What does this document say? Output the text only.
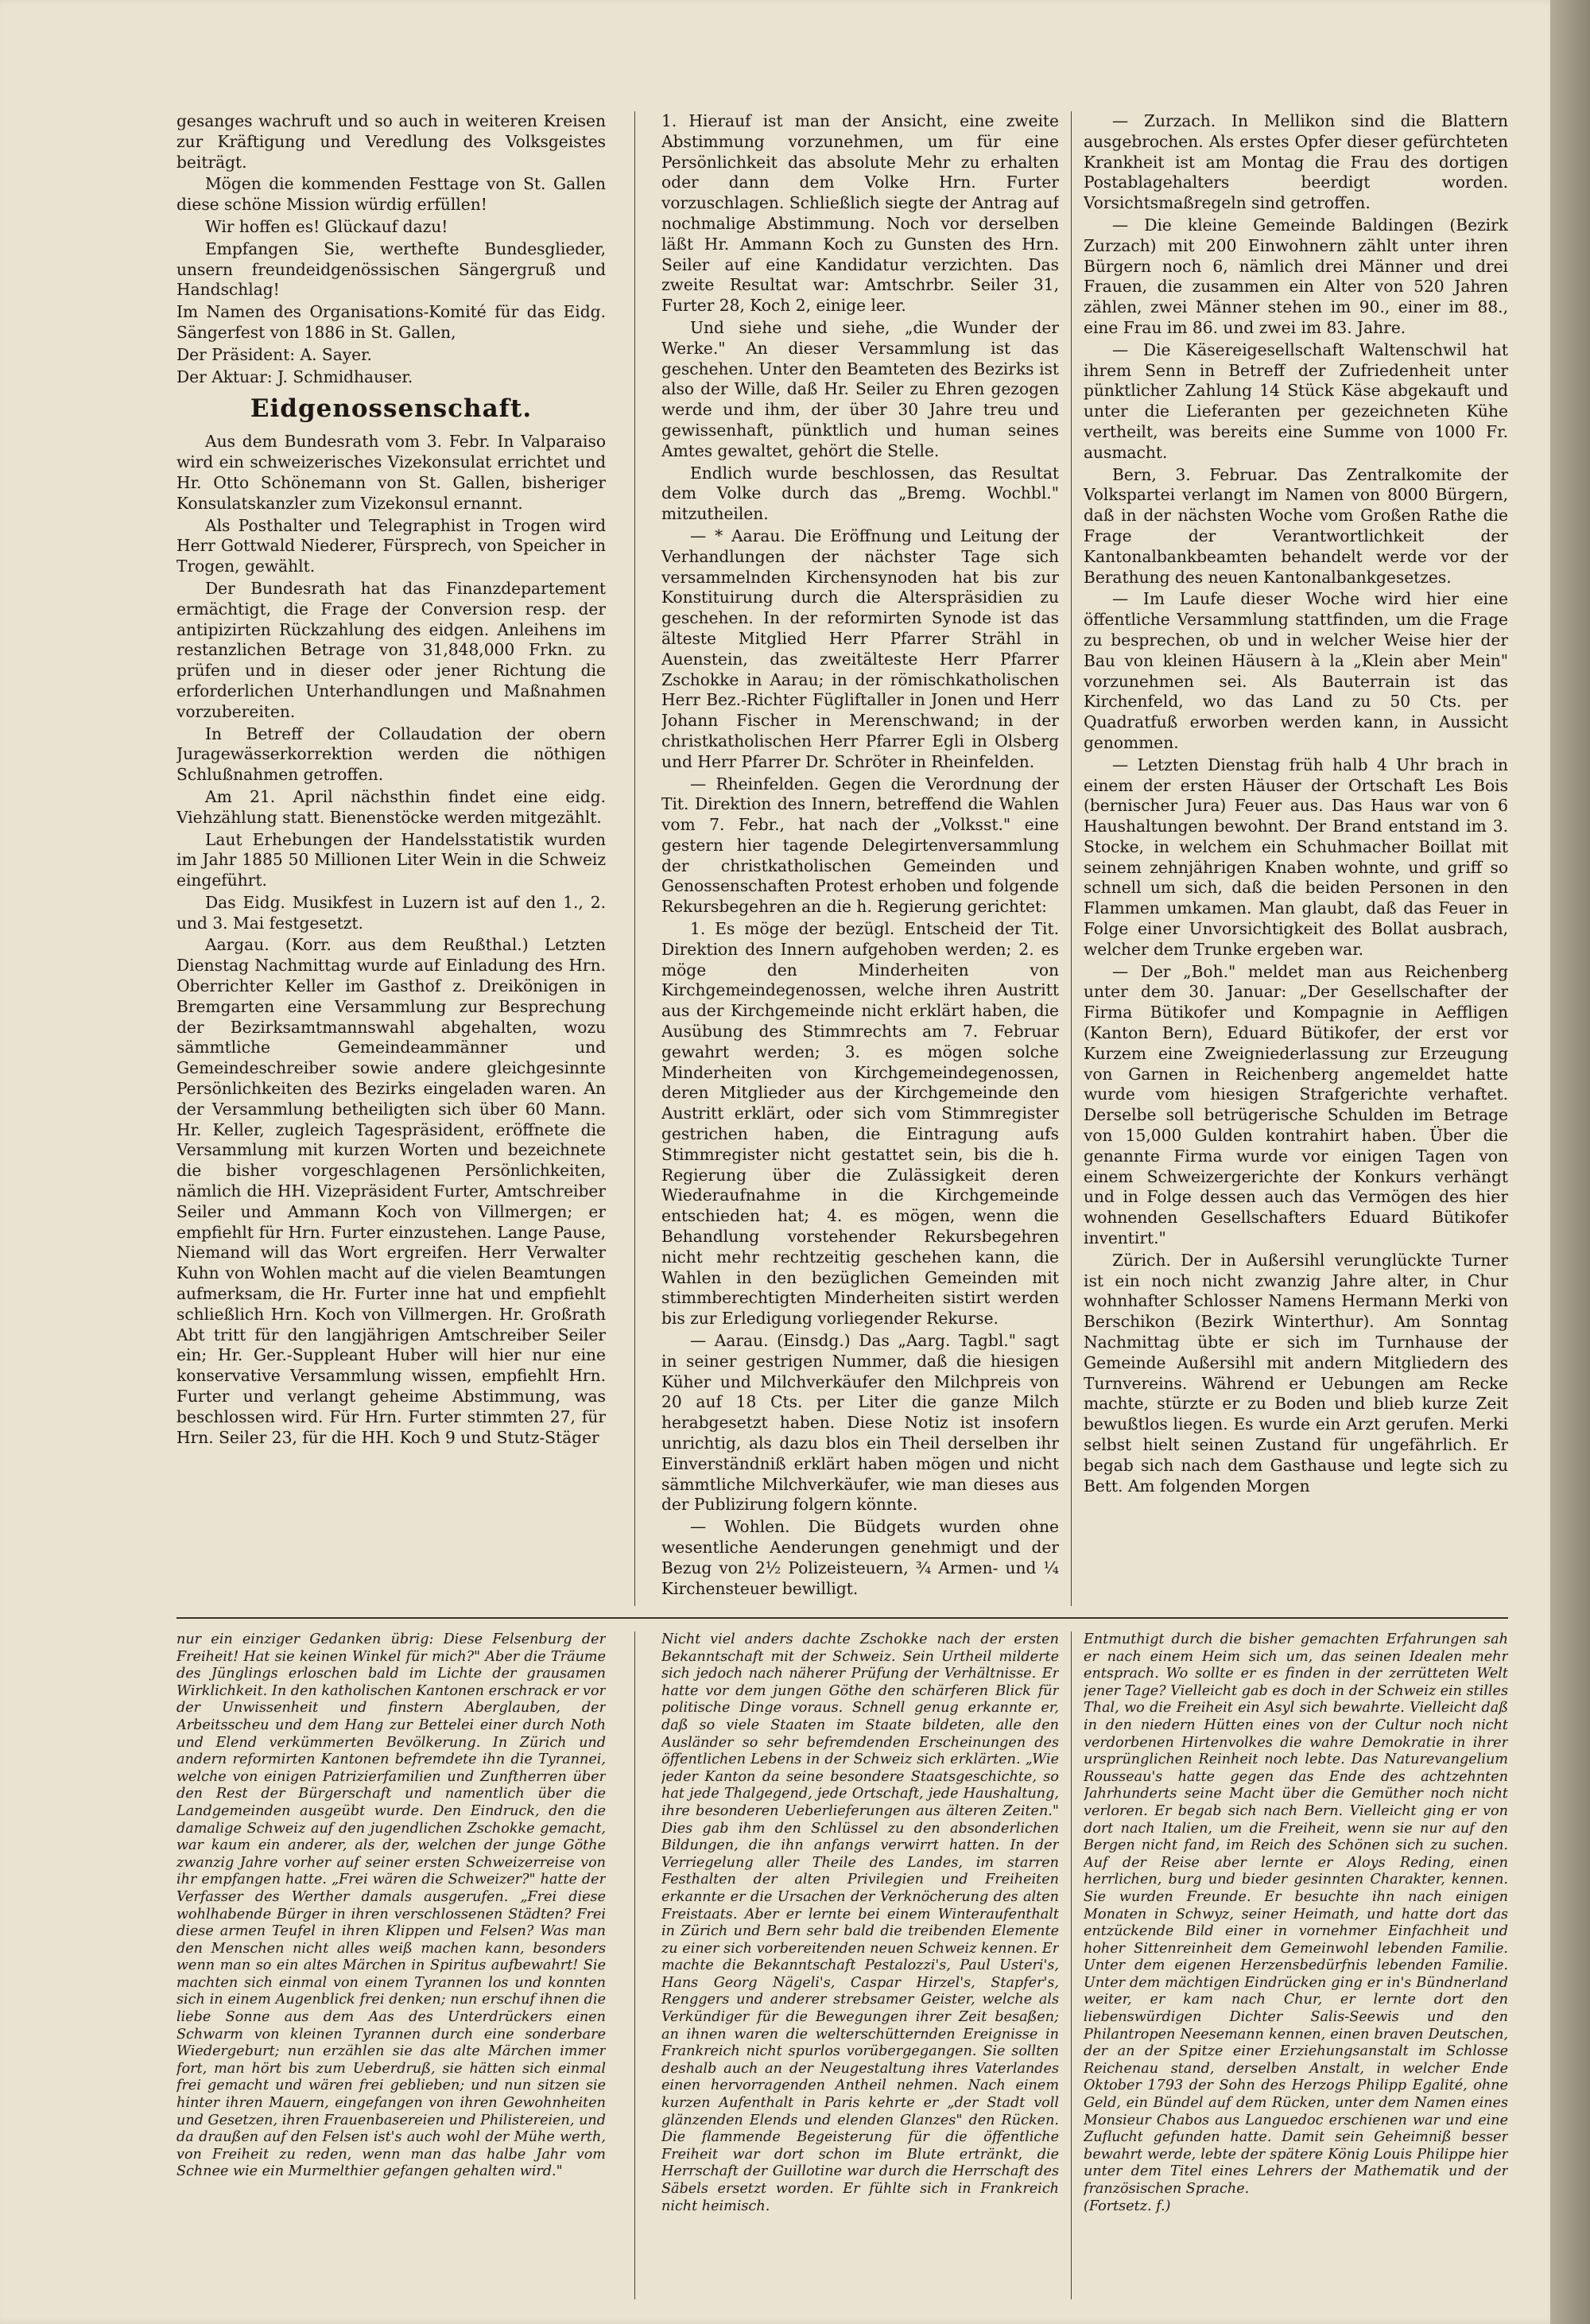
gesanges wachruft und so auch in weiteren Kreisen zur Kräftigung und Veredlung des Volksgeistes beiträgt.

Mögen die kommenden Festtage von St. Gallen diese schöne Mission würdig erfüllen!

Wir hoffen es! Glückauf dazu!

Empfangen Sie, werthefte Bundesglieder, unsern freundeidgenössischen Sängergruß und Handschlag!

Im Namen des Organisations-Komité für das Eidg. Sängerfest von 1886 in St. Gallen,

Der Präsident: A. Sayer.

Der Aktuar: J. Schmidhauser.

Eidgenossenschaft.

Aus dem Bundesrath vom 3. Febr. In Valparaiso wird ein schweizerisches Vizekonsulat errichtet und Hr. Otto Schönemann von St. Gallen, bisheriger Konsulatskanzler zum Vizekonsul ernannt.

Als Posthalter und Telegraphist in Trogen wird Herr Gottwald Niederer, Fürsprech, von Speicher in Trogen, gewählt.

Der Bundesrath hat das Finanzdepartement ermächtigt, die Frage der Conversion resp. der antipizirten Rückzahlung des eidgen. Anleihens im restanzlichen Betrage von 31,848,000 Frkn. zu prüfen und in dieser oder jener Richtung die erforderlichen Unterhandlungen und Maßnahmen vorzubereiten.

In Betreff der Collaudation der obern Juragewässerkorrektion werden die nöthigen Schlußnahmen getroffen.

Am 21. April nächsthin findet eine eidg. Viehzählung statt. Bienenstöcke werden mitgezählt.

Laut Erhebungen der Handelsstatistik wurden im Jahr 1885 50 Millionen Liter Wein in die Schweiz eingeführt.

Das Eidg. Musikfest in Luzern ist auf den 1., 2. und 3. Mai festgesetzt.

Aargau. (Korr. aus dem Reußthal.) Letzten Dienstag Nachmittag wurde auf Einladung des Hrn. Oberrichter Keller im Gasthof z. Dreikönigen in Bremgarten eine Versammlung zur Besprechung der Bezirksamtmannswahl abgehalten, wozu sämmtliche Gemeindeammänner und Gemeindeschreiber sowie andere gleichgesinnte Persönlichkeiten des Bezirks eingeladen waren. An der Versammlung betheiligten sich über 60 Mann. Hr. Keller, zugleich Tagespräsident, eröffnete die Versammlung mit kurzen Worten und bezeichnete die bisher vorgeschlagenen Persönlichkeiten, nämlich die HH. Vizepräsident Furter, Amtschreiber Seiler und Ammann Koch von Villmergen; er empfiehlt für Hrn. Furter einzustehen. Lange Pause, Niemand will das Wort ergreifen. Herr Verwalter Kuhn von Wohlen macht auf die vielen Beamtungen aufmerksam, die Hr. Furter inne hat und empfiehlt schließlich Hrn. Koch von Villmergen. Hr. Großrath Abt tritt für den langjährigen Amtschreiber Seiler ein; Hr. Ger.-Suppleant Huber will hier nur eine konservative Versammlung wissen, empfiehlt Hrn. Furter und verlangt geheime Abstimmung, was beschlossen wird. Für Hrn. Furter stimmten 27, für Hrn. Seiler 23, für die HH. Koch 9 und Stutz-Stäger

1. Hierauf ist man der Ansicht, eine zweite Abstimmung vorzunehmen, um für eine Persönlichkeit das absolute Mehr zu erhalten oder dann dem Volke Hrn. Furter vorzuschlagen. Schließlich siegte der Antrag auf nochmalige Abstimmung. Noch vor derselben läßt Hr. Ammann Koch zu Gunsten des Hrn. Seiler auf eine Kandidatur verzichten. Das zweite Resultat war: Amtschrbr. Seiler 31, Furter 28, Koch 2, einige leer.

Und siehe und siehe, „die Wunder der Werke." An dieser Versammlung ist das geschehen. Unter den Beamteten des Bezirks ist also der Wille, daß Hr. Seiler zu Ehren gezogen werde und ihm, der über 30 Jahre treu und gewissenhaft, pünktlich und human seines Amtes gewaltet, gehört die Stelle.

Endlich wurde beschlossen, das Resultat dem Volke durch das „Bremg. Wochbl." mitzutheilen.

— * Aarau. Die Eröffnung und Leitung der Verhandlungen der nächster Tage sich versammelnden Kirchensynoden hat bis zur Konstituirung durch die Alterspräsidien zu geschehen. In der reformirten Synode ist das älteste Mitglied Herr Pfarrer Strähl in Auenstein, das zweitälteste Herr Pfarrer Zschokke in Aarau; in der römischkatholischen Herr Bez.-Richter Fügliftaller in Jonen und Herr Johann Fischer in Merenschwand; in der christkatholischen Herr Pfarrer Egli in Olsberg und Herr Pfarrer Dr. Schröter in Rheinfelden.

— Rheinfelden. Gegen die Verordnung der Tit. Direktion des Innern, betreffend die Wahlen vom 7. Febr., hat nach der „Volksst." eine gestern hier tagende Delegirtenversammlung der christkatholischen Gemeinden und Genossenschaften Protest erhoben und folgende Rekursbegehren an die h. Regierung gerichtet:

1. Es möge der bezügl. Entscheid der Tit. Direktion des Innern aufgehoben werden; 2. es möge den Minderheiten von Kirchgemeindegenossen, welche ihren Austritt aus der Kirchgemeinde nicht erklärt haben, die Ausübung des Stimmrechts am 7. Februar gewahrt werden; 3. es mögen solche Minderheiten von Kirchgemeindegenossen, deren Mitglieder aus der Kirchgemeinde den Austritt erklärt, oder sich vom Stimmregister gestrichen haben, die Eintragung aufs Stimmregister nicht gestattet sein, bis die h. Regierung über die Zulässigkeit deren Wiederaufnahme in die Kirchgemeinde entschieden hat; 4. es mögen, wenn die Behandlung vorstehender Rekursbegehren nicht mehr rechtzeitig geschehen kann, die Wahlen in den bezüglichen Gemeinden mit stimmberechtigten Minderheiten sistirt werden bis zur Erledigung vorliegender Rekurse.

— Aarau. (Einsdg.) Das „Aarg. Tagbl." sagt in seiner gestrigen Nummer, daß die hiesigen Küher und Milchverkäufer den Milchpreis von 20 auf 18 Cts. per Liter die ganze Milch herabgesetzt haben. Diese Notiz ist insofern unrichtig, als dazu blos ein Theil derselben ihr Einverständniß erklärt haben mögen und nicht sämmtliche Milchverkäufer, wie man dieses aus der Publizirung folgern könnte.

— Wohlen. Die Büdgets wurden ohne wesentliche Aenderungen genehmigt und der Bezug von 2½ Polizeisteuern, ¾ Armen- und ¼ Kirchensteuer bewilligt.

— Zurzach. In Mellikon sind die Blattern ausgebrochen. Als erstes Opfer dieser gefürchteten Krankheit ist am Montag die Frau des dortigen Postablagehalters beerdigt worden. Vorsichtsmaßregeln sind getroffen.

— Die kleine Gemeinde Baldingen (Bezirk Zurzach) mit 200 Einwohnern zählt unter ihren Bürgern noch 6, nämlich drei Männer und drei Frauen, die zusammen ein Alter von 520 Jahren zählen, zwei Männer stehen im 90., einer im 88., eine Frau im 86. und zwei im 83. Jahre.

— Die Käsereigesellschaft Waltenschwil hat ihrem Senn in Betreff der Zufriedenheit unter pünktlicher Zahlung 14 Stück Käse abgekauft und unter die Lieferanten per gezeichneten Kühe vertheilt, was bereits eine Summe von 1000 Fr. ausmacht.

Bern, 3. Februar. Das Zentralkomite der Volkspartei verlangt im Namen von 8000 Bürgern, daß in der nächsten Woche vom Großen Rathe die Frage der Verantwortlichkeit der Kantonalbankbeamten behandelt werde vor der Berathung des neuen Kantonalbankgesetzes.

— Im Laufe dieser Woche wird hier eine öffentliche Versammlung stattfinden, um die Frage zu besprechen, ob und in welcher Weise hier der Bau von kleinen Häusern à la „Klein aber Mein" vorzunehmen sei. Als Bauterrain ist das Kirchenfeld, wo das Land zu 50 Cts. per Quadratfuß erworben werden kann, in Aussicht genommen.

— Letzten Dienstag früh halb 4 Uhr brach in einem der ersten Häuser der Ortschaft Les Bois (bernischer Jura) Feuer aus. Das Haus war von 6 Haushaltungen bewohnt. Der Brand entstand im 3. Stocke, in welchem ein Schuhmacher Boillat mit seinem zehnjährigen Knaben wohnte, und griff so schnell um sich, daß die beiden Personen in den Flammen umkamen. Man glaubt, daß das Feuer in Folge einer Unvorsichtigkeit des Bollat ausbrach, welcher dem Trunke ergeben war.

— Der „Boh." meldet man aus Reichenberg unter dem 30. Januar: „Der Gesellschafter der Firma Bütikofer und Kompagnie in Aeffligen (Kanton Bern), Eduard Bütikofer, der erst vor Kurzem eine Zweigniederlassung zur Erzeugung von Garnen in Reichenberg angemeldet hatte wurde vom hiesigen Strafgerichte verhaftet. Derselbe soll betrügerische Schulden im Betrage von 15,000 Gulden kontrahirt haben. Über die genannte Firma wurde vor einigen Tagen von einem Schweizergerichte der Konkurs verhängt und in Folge dessen auch das Vermögen des hier wohnenden Gesellschafters Eduard Bütikofer inventirt."

Zürich. Der in Außersihl verunglückte Turner ist ein noch nicht zwanzig Jahre alter, in Chur wohnhafter Schlosser Namens Hermann Merki von Berschikon (Bezirk Winterthur). Am Sonntag Nachmittag übte er sich im Turnhause der Gemeinde Außersihl mit andern Mitgliedern des Turnvereins. Während er Uebungen am Recke machte, stürzte er zu Boden und blieb kurze Zeit bewußtlos liegen. Es wurde ein Arzt gerufen. Merki selbst hielt seinen Zustand für ungefährlich. Er begab sich nach dem Gasthause und legte sich zu Bett. Am folgenden Morgen

nur ein einziger Gedanken übrig: Diese Felsenburg der Freiheit! Hat sie keinen Winkel für mich?" Aber die Träume des Jünglings erloschen bald im Lichte der grausamen Wirklichkeit. In den katholischen Kantonen erschrack er vor der Unwissenheit und finstern Aberglauben, der Arbeitsscheu und dem Hang zur Bettelei einer durch Noth und Elend verkümmerten Bevölkerung. In Zürich und andern reformirten Kantonen befremdete ihn die Tyrannei, welche von einigen Patrizierfamilien und Zunftherren über den Rest der Bürgerschaft und namentlich über die Landgemeinden ausgeübt wurde. Den Eindruck, den die damalige Schweiz auf den jugendlichen Zschokke gemacht, war kaum ein anderer, als der, welchen der junge Göthe zwanzig Jahre vorher auf seiner ersten Schweizerreise von ihr empfangen hatte. „Frei wären die Schweizer?" hatte der Verfasser des Werther damals ausgerufen. „Frei diese wohlhabende Bürger in ihren verschlossenen Städten? Frei diese armen Teufel in ihren Klippen und Felsen? Was man den Menschen nicht alles weiß machen kann, besonders wenn man so ein altes Märchen in Spiritus aufbewahrt! Sie machten sich einmal von einem Tyrannen los und konnten sich in einem Augenblick frei denken; nun erschuf ihnen die liebe Sonne aus dem Aas des Unterdrückers einen Schwarm von kleinen Tyrannen durch eine sonderbare Wiedergeburt; nun erzählen sie das alte Märchen immer fort, man hört bis zum Ueberdruß, sie hätten sich einmal frei gemacht und wären frei geblieben; und nun sitzen sie hinter ihren Mauern, eingefangen von ihren Gewohnheiten und Gesetzen, ihren Frauenbasereien und Philistereien, und da draußen auf den Felsen ist's auch wohl der Mühe werth, von Freiheit zu reden, wenn man das halbe Jahr vom Schnee wie ein Murmelthier gefangen gehalten wird."

Nicht viel anders dachte Zschokke nach der ersten Bekanntschaft mit der Schweiz. Sein Urtheil milderte sich jedoch nach näherer Prüfung der Verhältnisse. Er hatte vor dem jungen Göthe den schärferen Blick für politische Dinge voraus. Schnell genug erkannte er, daß so viele Staaten im Staate bildeten, alle den Ausländer so sehr befremdenden Erscheinungen des öffentlichen Lebens in der Schweiz sich erklärten. „Wie jeder Kanton da seine besondere Staatsgeschichte, so hat jede Thalgegend, jede Ortschaft, jede Haushaltung, ihre besonderen Ueberlieferungen aus älteren Zeiten." Dies gab ihm den Schlüssel zu den absonderlichen Bildungen, die ihn anfangs verwirrt hatten. In der Verriegelung aller Theile des Landes, im starren Festhalten der alten Privilegien und Freiheiten erkannte er die Ursachen der Verknöcherung des alten Freistaats. Aber er lernte bei einem Winteraufenthalt in Zürich und Bern sehr bald die treibenden Elemente zu einer sich vorbereitenden neuen Schweiz kennen. Er machte die Bekanntschaft Pestalozzi's, Paul Usteri's, Hans Georg Nägeli's, Caspar Hirzel's, Stapfer's, Renggers und anderer strebsamer Geister, welche als Verkündiger für die Bewegungen ihrer Zeit besaßen; an ihnen waren die welterschütternden Ereignisse in Frankreich nicht spurlos vorübergegangen. Sie sollten deshalb auch an der Neugestaltung ihres Vaterlandes einen hervorragenden Antheil nehmen. Nach einem kurzen Aufenthalt in Paris kehrte er „der Stadt voll glänzenden Elends und elenden Glanzes" den Rücken. Die flammende Begeisterung für die öffentliche Freiheit war dort schon im Blute ertränkt, die Herrschaft der Guillotine war durch die Herrschaft des Säbels ersetzt worden. Er fühlte sich in Frankreich nicht heimisch.

Entmuthigt durch die bisher gemachten Erfahrungen sah er nach einem Heim sich um, das seinen Idealen mehr entsprach. Wo sollte er es finden in der zerrütteten Welt jener Tage? Vielleicht gab es doch in der Schweiz ein stilles Thal, wo die Freiheit ein Asyl sich bewahrte. Vielleicht daß in den niedern Hütten eines von der Cultur noch nicht verdorbenen Hirtenvolkes die wahre Demokratie in ihrer ursprünglichen Reinheit noch lebte. Das Naturevangelium Rousseau's hatte gegen das Ende des achtzehnten Jahrhunderts seine Macht über die Gemüther noch nicht verloren. Er begab sich nach Bern. Vielleicht ging er von dort nach Italien, um die Freiheit, wenn sie nur auf den Bergen nicht fand, im Reich des Schönen sich zu suchen. Auf der Reise aber lernte er Aloys Reding, einen herrlichen, burg und bieder gesinnten Charakter, kennen. Sie wurden Freunde. Er besuchte ihn nach einigen Monaten in Schwyz, seiner Heimath, und hatte dort das entzückende Bild einer in vornehmer Einfachheit und hoher Sittenreinheit dem Gemeinwohl lebenden Familie. Unter dem eigenen Herzensbedürfnis lebenden Familie. Unter dem mächtigen Eindrücken ging er in's Bündnerland weiter, er kam nach Chur, er lernte dort den liebenswürdigen Dichter Salis-Seewis und den Philantropen Neesemann kennen, einen braven Deutschen, der an der Spitze einer Erziehungsanstalt im Schlosse Reichenau stand, derselben Anstalt, in welcher Ende Oktober 1793 der Sohn des Herzogs Philipp Egalité, ohne Geld, ein Bündel auf dem Rücken, unter dem Namen eines Monsieur Chabos aus Languedoc erschienen war und eine Zuflucht gefunden hatte. Damit sein Geheimniß besser bewahrt werde, lebte der spätere König Louis Philippe hier unter dem Titel eines Lehrers der Mathematik und der französischen Sprache.

(Fortsetz. f.)
